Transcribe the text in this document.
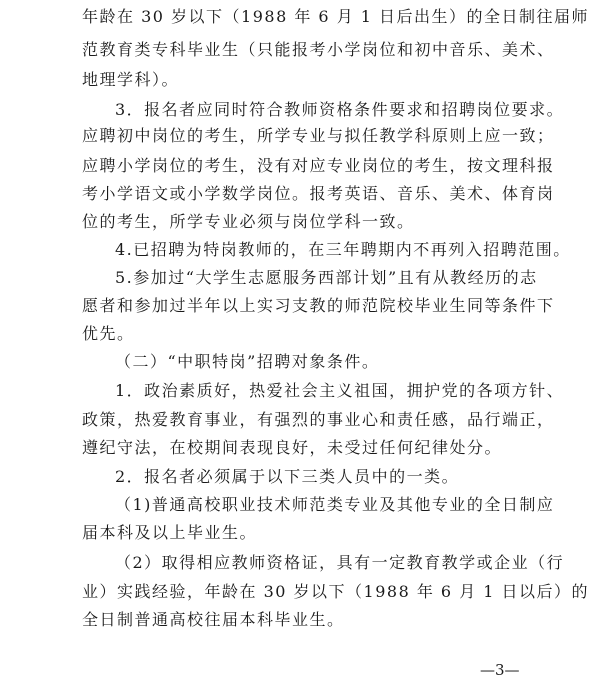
年龄在 30 岁以下（1988 年 6 月 1 日后出生）的全日制往届师
范教育类专科毕业生（只能报考小学岗位和初中音乐、美术、
地理学科）。
3．报名者应同时符合教师资格条件要求和招聘岗位要求。
应聘初中岗位的考生，所学专业与拟任教学科原则上应一致；
应聘小学岗位的考生，没有对应专业岗位的考生，按文理科报
考小学语文或小学数学岗位。报考英语、音乐、美术、体育岗
位的考生，所学专业必须与岗位学科一致。
4.已招聘为特岗教师的，在三年聘期内不再列入招聘范围。
5.参加过“大学生志愿服务西部计划”且有从教经历的志
愿者和参加过半年以上实习支教的师范院校毕业生同等条件下
优先。
（二）“中职特岗”招聘对象条件。
1．政治素质好，热爱社会主义祖国，拥护党的各项方针、
政策，热爱教育事业，有强烈的事业心和责任感，品行端正，
遵纪守法，在校期间表现良好，未受过任何纪律处分。
2．报名者必须属于以下三类人员中的一类。
（1)普通高校职业技术师范类专业及其他专业的全日制应
届本科及以上毕业生。
（2）取得相应教师资格证，具有一定教育教学或企业（行
业）实践经验，年龄在 30 岁以下（1988 年 6 月 1 日以后）的
全日制普通高校往届本科毕业生。
—3—
